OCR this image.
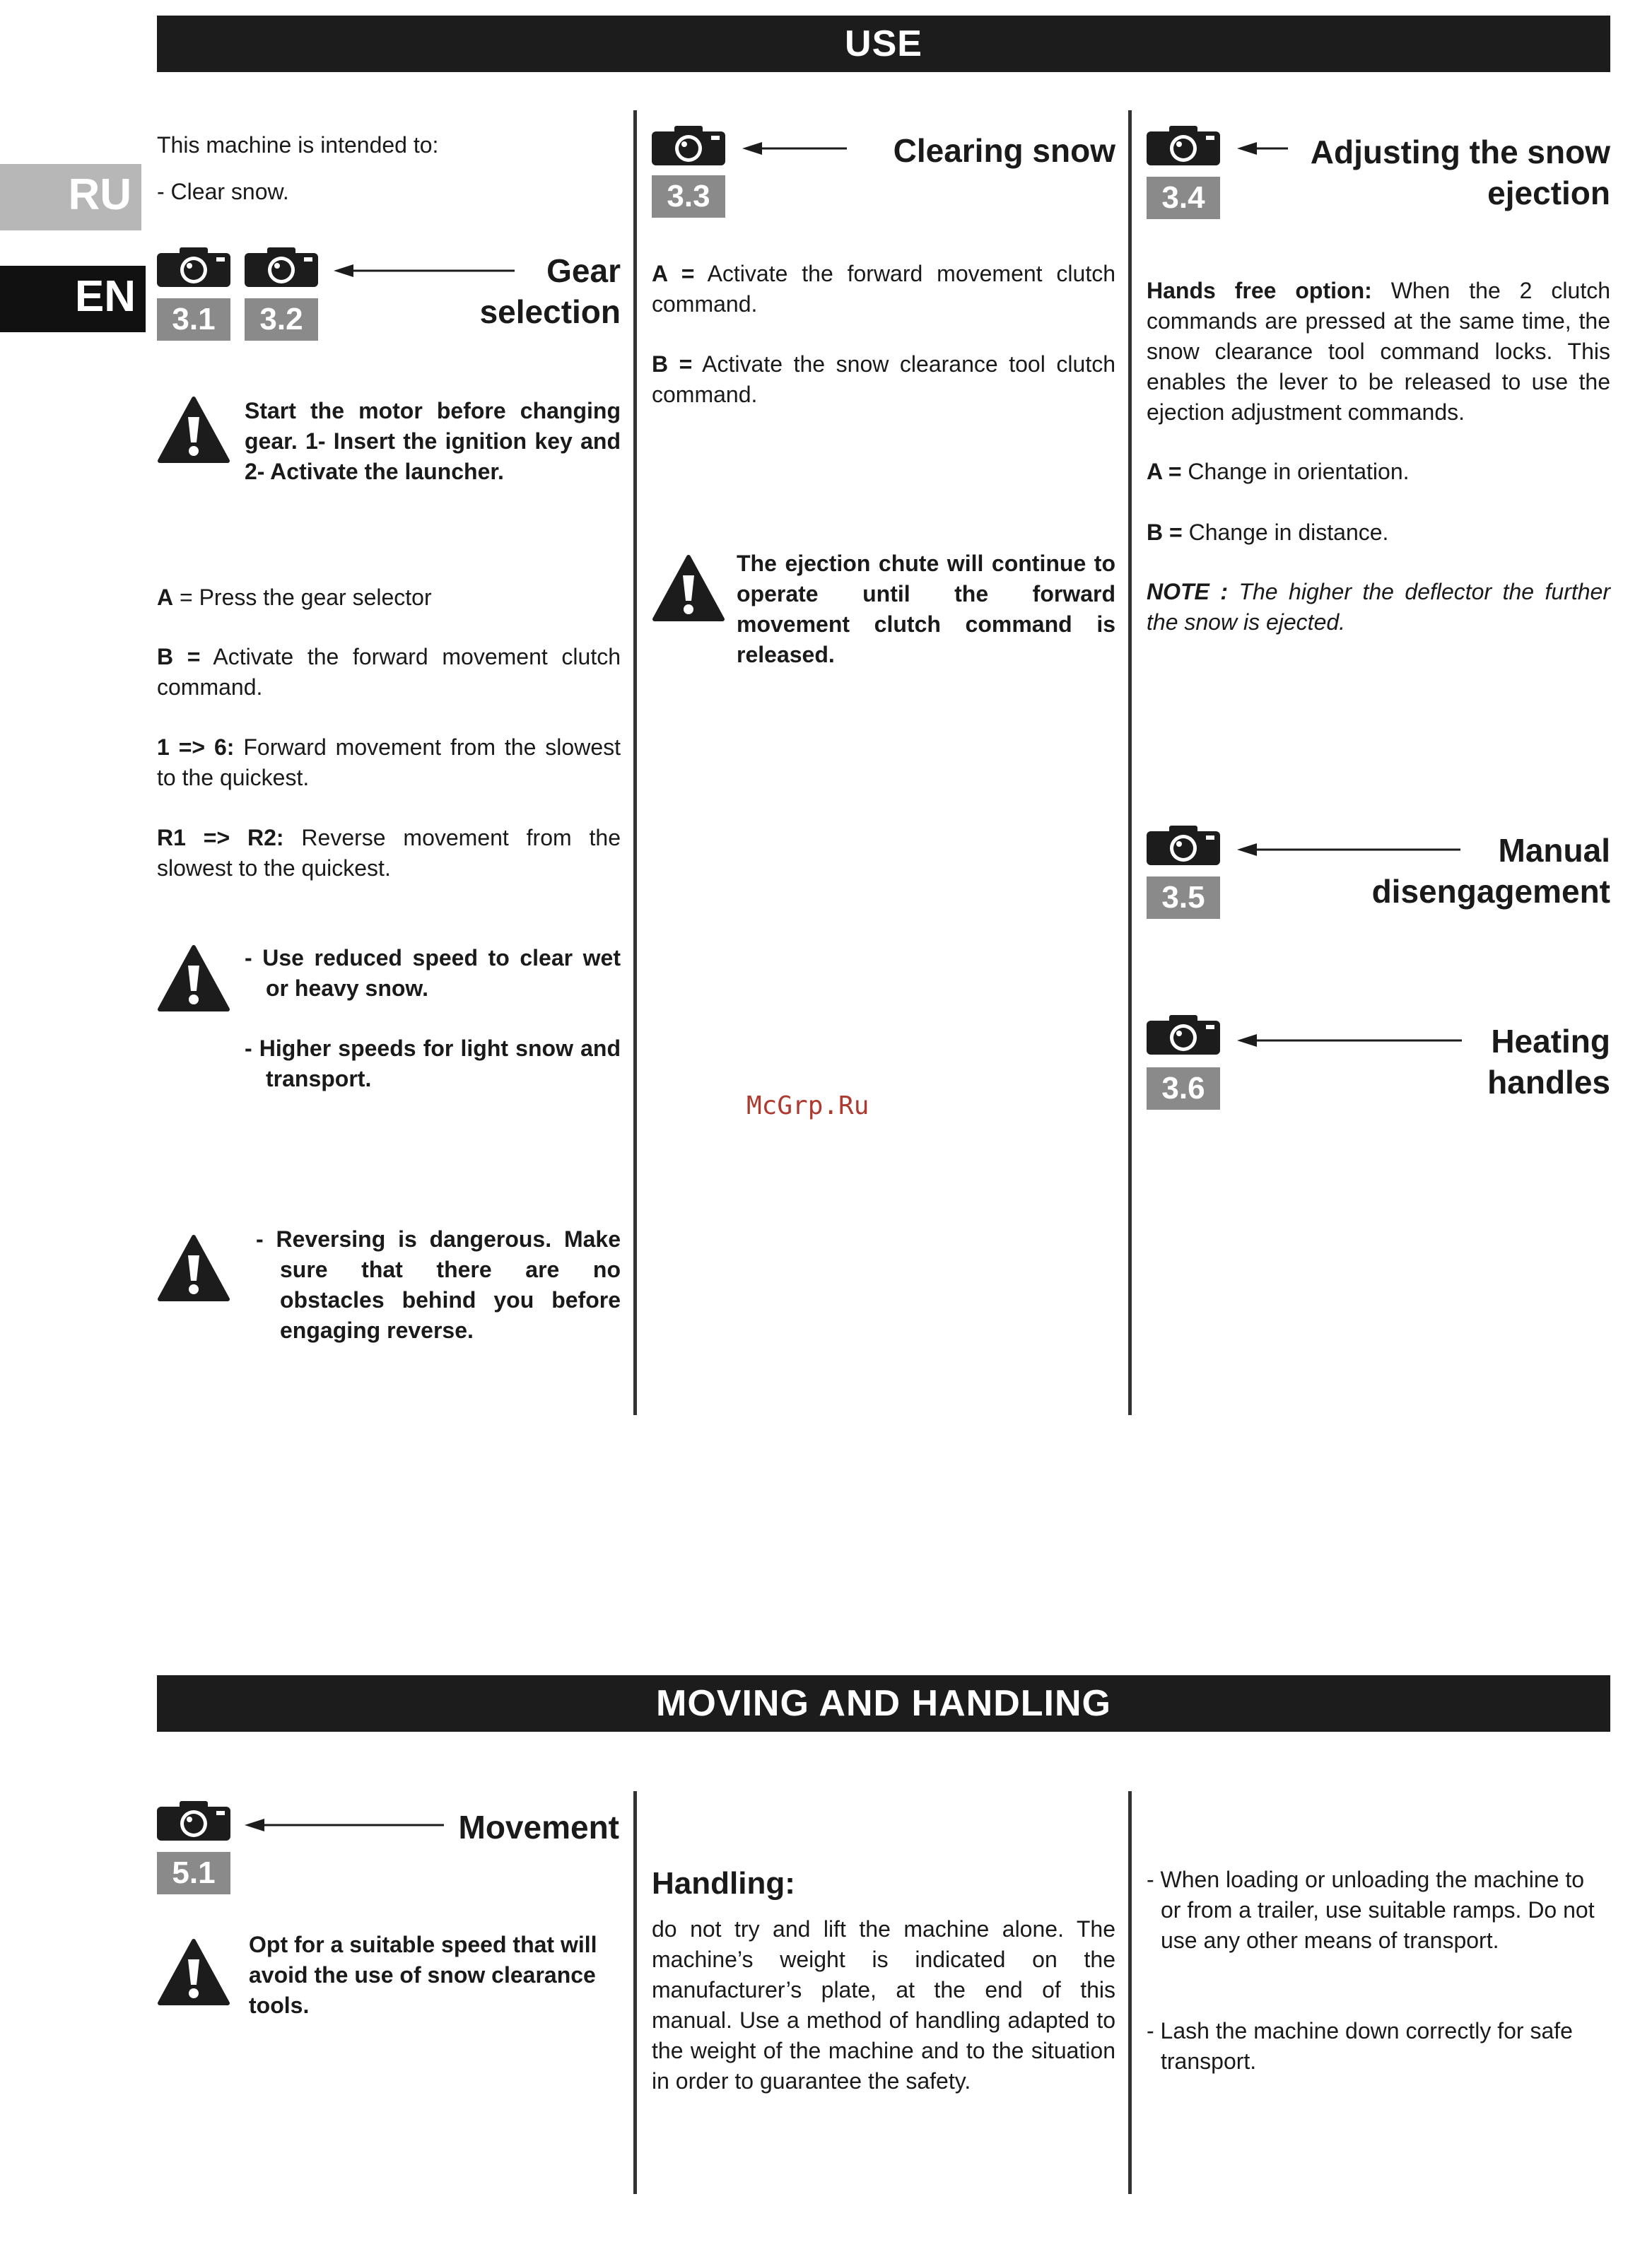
USE
MOVING AND HANDLING
RU
EN
This machine is intended to:
- Clear snow.
3.1	3.2
Gear
selection
Start the motor before changing gear. 1- Insert the ignition key and 2- Activate the launcher.
A = Press the gear selector
B = Activate the forward movement clutch command.
1 => 6: Forward movement from the slowest to the quickest.
R1 => R2: Reverse movement from the slowest to the quickest.
- Use reduced speed to clear wet or heavy snow.
- Higher speeds for light snow and transport.
- Reversing is dangerous. Make sure that there are no obstacles behind you before engaging reverse.
3.3
Clearing snow
A = Activate the forward movement clutch command.
B = Activate the snow clearance tool clutch command.
The ejection chute will continue to operate until the forward movement clutch command is released.
McGrp.Ru
3.4
Adjusting the snow
ejection
Hands free option: When the 2 clutch commands are pressed at the same time, the snow clearance tool command locks. This enables the lever to be released to use the ejection adjustment commands.
A = Change in orientation.
B = Change in distance.
NOTE : The higher the deflector the further the snow is ejected.
3.5
Manual
disengagement
3.6
Heating
handles
5.1
Movement
Opt for a suitable speed that will avoid the use of snow clearance tools.
Handling:
do not try and lift the machine alone. The machine’s weight is indicated on the manufacturer’s plate, at the end of this manual. Use a method of handling adapted to the weight of the machine and to the situation in order to guarantee the safety.
- When loading or unloading the machine to or from a trailer, use suitable ramps. Do not use any other means of transport.
- Lash the machine down correctly for safe transport.
